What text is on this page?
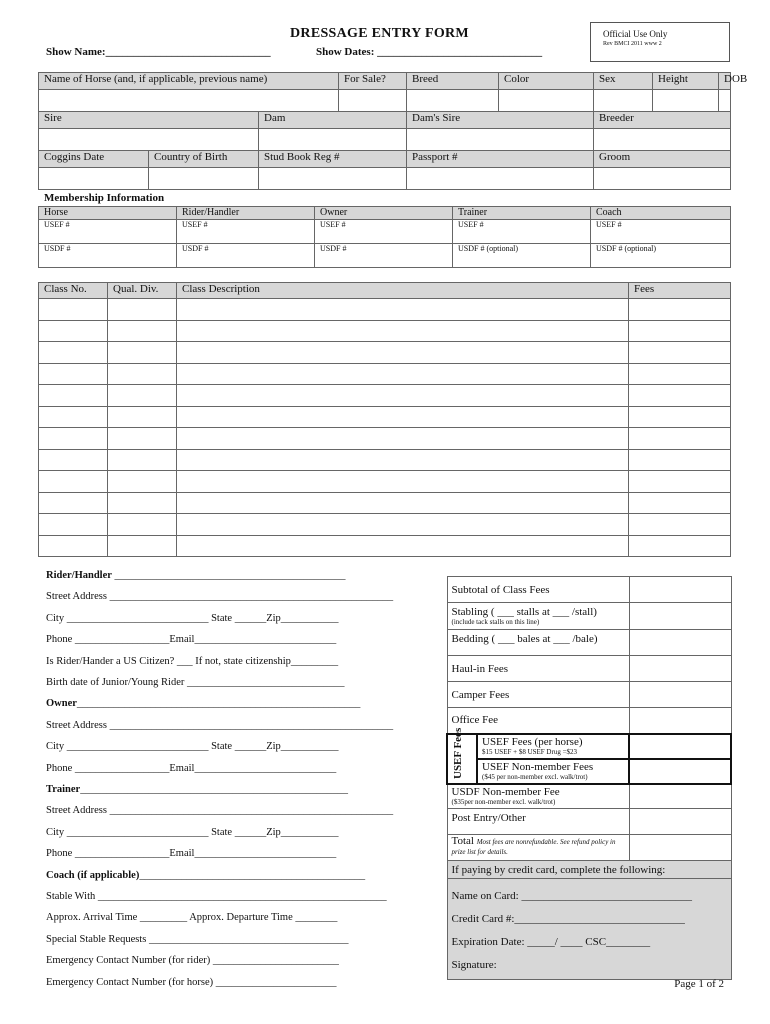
DRESSAGE ENTRY FORM	Official Use Only
Rev BMCI 2011 www 2
Show Name:______________________________	Show Dates: ______________________________
Name of Horse (and, if applicable, previous name)			For Sale?	Breed	Color	Sex	Height	DOB

Sire		Dam		Dam's Sire		Breeder		

Coggins Date	Country of Birth	Stud Book Reg #		Passport #		Groom		

Membership Information
Horse	Rider/Handler	Owner	Trainer	Coach
USEF #	USEF #	USEF #	USEF #	USEF #
USDF #	USDF #	USDF #	USDF # (optional)	USDF # (optional)
Class No.	Qual. Div.	Class Description	Fees

Rider/Handler ____________________________________________
Street Address ______________________________________________________
City ___________________________ State ______Zip___________
Phone __________________Email___________________________
Is Rider/Hander a US Citizen? ___ If not, state citizenship_________
Birth date of Junior/Young Rider ______________________________
Owner______________________________________________________
Street Address ______________________________________________________
City ___________________________ State ______Zip___________
Phone __________________Email___________________________
Trainer___________________________________________________
Street Address ______________________________________________________
City ___________________________ State ______Zip___________
Phone __________________Email___________________________
Coach (if applicable)___________________________________________
Stable With _______________________________________________________
Approx. Arrival Time _________ Approx. Departure Time ________
Special Stable Requests ______________________________________
Emergency Contact Number (for rider) ________________________
Emergency Contact Number (for horse) _______________________
Subtotal of Class Fees		
Stabling ( ___ stalls at ___ /stall)
(include tack stalls on this line)		

Bedding ( ___ bales at ___ /bale)		
Haul-in Fees		
Camper Fees		
Office Fee		

USEF Fees	USEF Fees (per horse)
$15 USEF + $8 USEF Drug =$23	

	USEF Non-member Fees
($45 per non-member excl. walk/trot)	

USDF Non-member Fee
($35per non-member excl. walk/trot)		

Post Entry/Other		
Total Most fees are nonrefundable. See refund policy in prize list for details.		
If paying by credit card, complete the following:		

Name on Card: _______________________________
Credit Card #:_______________________________
Expiration Date: _____/ ____ CSC________
Signature:		
Page 1 of 2
